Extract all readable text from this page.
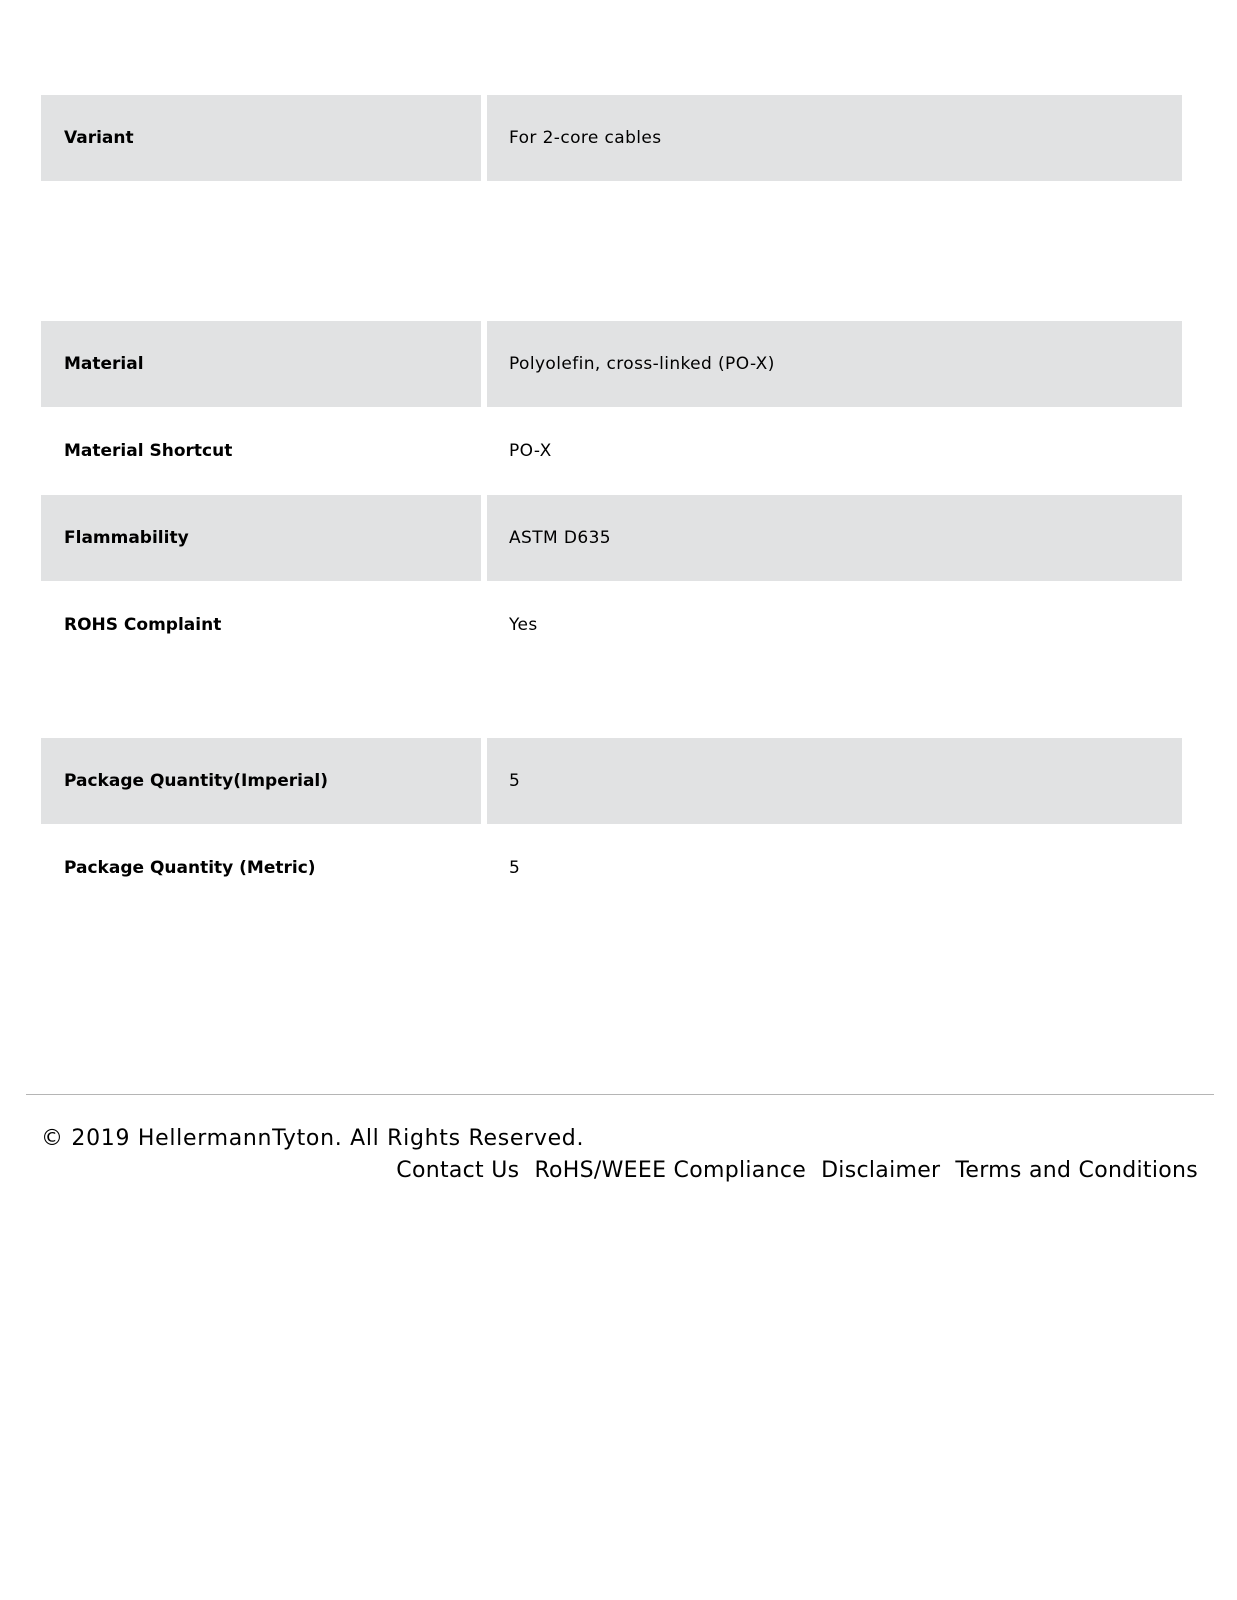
Variant	For 2-core cables
Material	Polyolefin, cross-linked (PO-X)
Material Shortcut	PO-X
Flammability	ASTM D635
ROHS Complaint	Yes
Package Quantity(Imperial)	5
Package Quantity (Metric)	5
© 2019 HellermannTyton. All Rights Reserved.
Contact Us RoHS/WEEE Compliance Disclaimer Terms and Conditions
